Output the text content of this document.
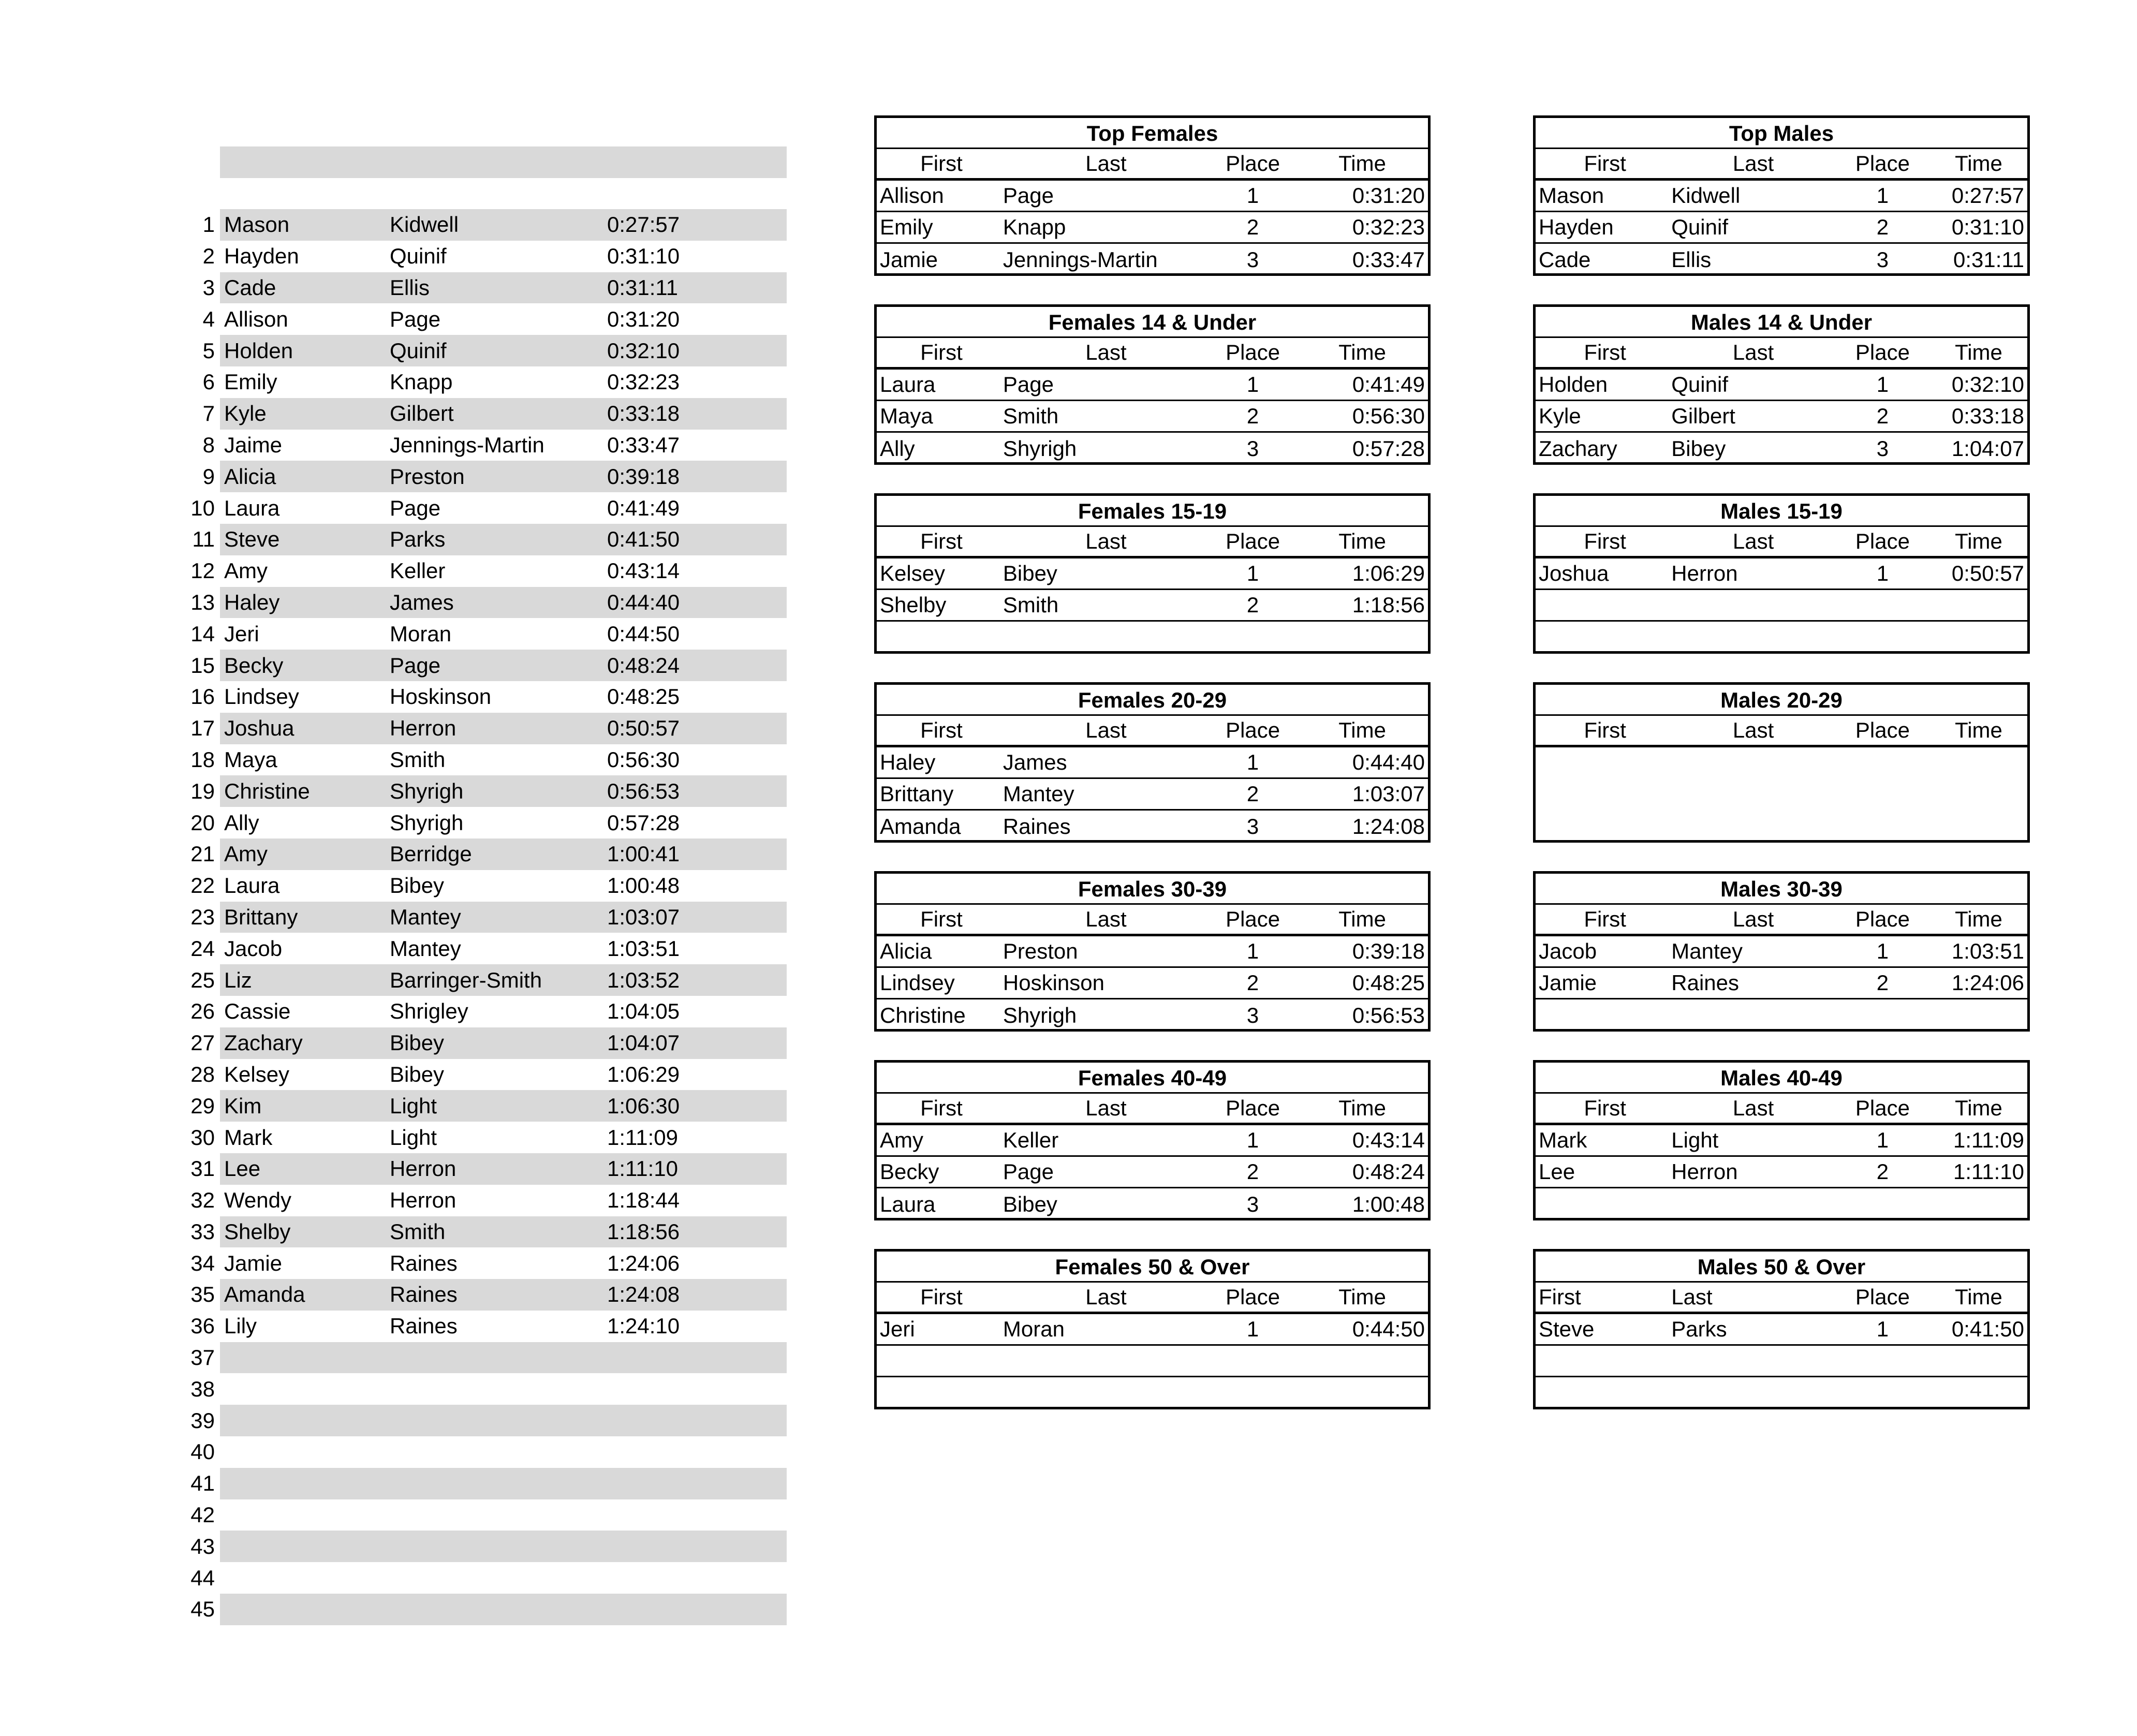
1 Mason	Kidwell	0:27:57
2 Hayden	Quinif	0:31:10
3 Cade	Ellis	0:31:11
4 Allison	Page	0:31:20
5 Holden	Quinif	0:32:10
6 Emily	Knapp	0:32:23
7 Kyle	Gilbert	0:33:18
8 Jaime	Jennings-Martin	0:33:47
9 Alicia	Preston	0:39:18
10 Laura	Page	0:41:49
11 Steve	Parks	0:41:50
12 Amy	Keller	0:43:14
13 Haley	James	0:44:40
14 Jeri	Moran	0:44:50
15 Becky	Page	0:48:24
16 Lindsey	Hoskinson	0:48:25
17 Joshua	Herron	0:50:57
18 Maya	Smith	0:56:30
19 Christine	Shyrigh	0:56:53
20 Ally	Shyrigh	0:57:28
21 Amy	Berridge	1:00:41
22 Laura	Bibey	1:00:48
23 Brittany	Mantey	1:03:07
24 Jacob	Mantey	1:03:51
25 Liz	Barringer-Smith	1:03:52
26 Cassie	Shrigley	1:04:05
27 Zachary	Bibey	1:04:07
28 Kelsey	Bibey	1:06:29
29 Kim	Light	1:06:30
30 Mark	Light	1:11:09
31 Lee	Herron	1:11:10
32 Wendy	Herron	1:18:44
33 Shelby	Smith	1:18:56
34 Jamie	Raines	1:24:06
35 Amanda	Raines	1:24:08
36 Lily	Raines	1:24:10
37
38
39
40
41
42
43
44
45
Top Females
First	Last	Place	Time
Allison	Page	1	0:31:20
Emily	Knapp	2	0:32:23
Jamie	Jennings-Martin	3	0:33:47
Females 14 & Under
First	Last	Place	Time
Laura	Page	1	0:41:49
Maya	Smith	2	0:56:30
Ally	Shyrigh	3	0:57:28
Females 15-19
First	Last	Place	Time
Kelsey	Bibey	1	1:06:29
Shelby	Smith	2	1:18:56
Females 20-29
First	Last	Place	Time
Haley	James	1	0:44:40
Brittany	Mantey	2	1:03:07
Amanda	Raines	3	1:24:08
Females 30-39
First	Last	Place	Time
Alicia	Preston	1	0:39:18
Lindsey	Hoskinson	2	0:48:25
Christine	Shyrigh	3	0:56:53
Females 40-49
First	Last	Place	Time
Amy	Keller	1	0:43:14
Becky	Page	2	0:48:24
Laura	Bibey	3	1:00:48
Females 50 & Over
First	Last	Place	Time
Jeri	Moran	1	0:44:50
Top Males
First	Last	Place	Time
Mason	Kidwell	1	0:27:57
Hayden	Quinif	2	0:31:10
Cade	Ellis	3	0:31:11
Males 14 & Under
First	Last	Place	Time
Holden	Quinif	1	0:32:10
Kyle	Gilbert	2	0:33:18
Zachary	Bibey	3	1:04:07
Males 15-19
First	Last	Place	Time
Joshua	Herron	1	0:50:57
Males 20-29
First	Last	Place	Time
Males 30-39
First	Last	Place	Time
Jacob	Mantey	1	1:03:51
Jamie	Raines	2	1:24:06
Males 40-49
First	Last	Place	Time
Mark	Light	1	1:11:09
Lee	Herron	2	1:11:10
Males 50 & Over
First	Last	Place	Time
Steve	Parks	1	0:41:50
